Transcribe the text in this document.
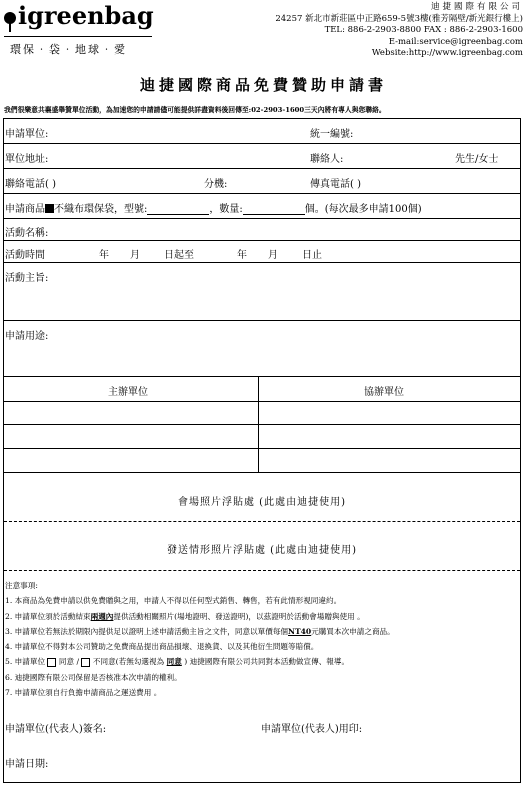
igreenbag
環保‧袋‧地球‧愛
迪捷國際有限公司
24257 新北市新莊區中正路659-5號3樓(雅芳隔壁/新光銀行樓上)
TEL: 886-2-2903-8800 FAX : 886-2-2903-1600
E-mail:service@igreenbag.com
Website:http://www.igreenbag.com
迪捷國際商品免費贊助申請書
我們很樂意共襄盛舉贊單位活動，為加速您的申請請儘可能提供詳盡資料後回傳至:02-2903-1600三天內將有專人與您聯絡。
申請單位:	統一編號:
單位地址:	聯絡人:	先生/女士
聯絡電話( )	分機:	傳真電話( )
申請商品 不織布環保袋，型號:	，數量:	個。(每次最多申請100個)
活動名稱:
活動時間	年 月 日起至	年 月 日止
活動主旨:
申請用途:
主辦單位	協辦單位
會場照片浮貼處 (此處由迪捷使用)
發送情形照片浮貼處 (此處由迪捷使用)
注意事項:
1. 本商品為免費申請以供免費贈與之用，申請人不得以任何型式銷售、轉售，若有此情形視同違約。
2. 申請單位須於活動結束兩週內提供活動相關照片(場地證明、發送證明)，以茲證明於活動會場贈與使用 。
3. 申請單位若無法於期限內提供足以證明上述申請活動主旨之文件，同意以單價每個NT40元購買本次申請之商品。
4. 申請單位不得對本公司贊助之免費商品提出商品損壞、退換貨、以及其他衍生問題等賠償。
5. 申請單位 同意 / 不同意(若無勾選視為 同意 ) 迪捷國際有限公司共同對本活動做宣傳、報導。
6. 迪捷國際有限公司保留是否核准本次申請的權利。
7. 申請單位須自行負擔申請商品之運送費用 。
申請單位(代表人)簽名:	申請單位(代表人)用印:
申請日期:
